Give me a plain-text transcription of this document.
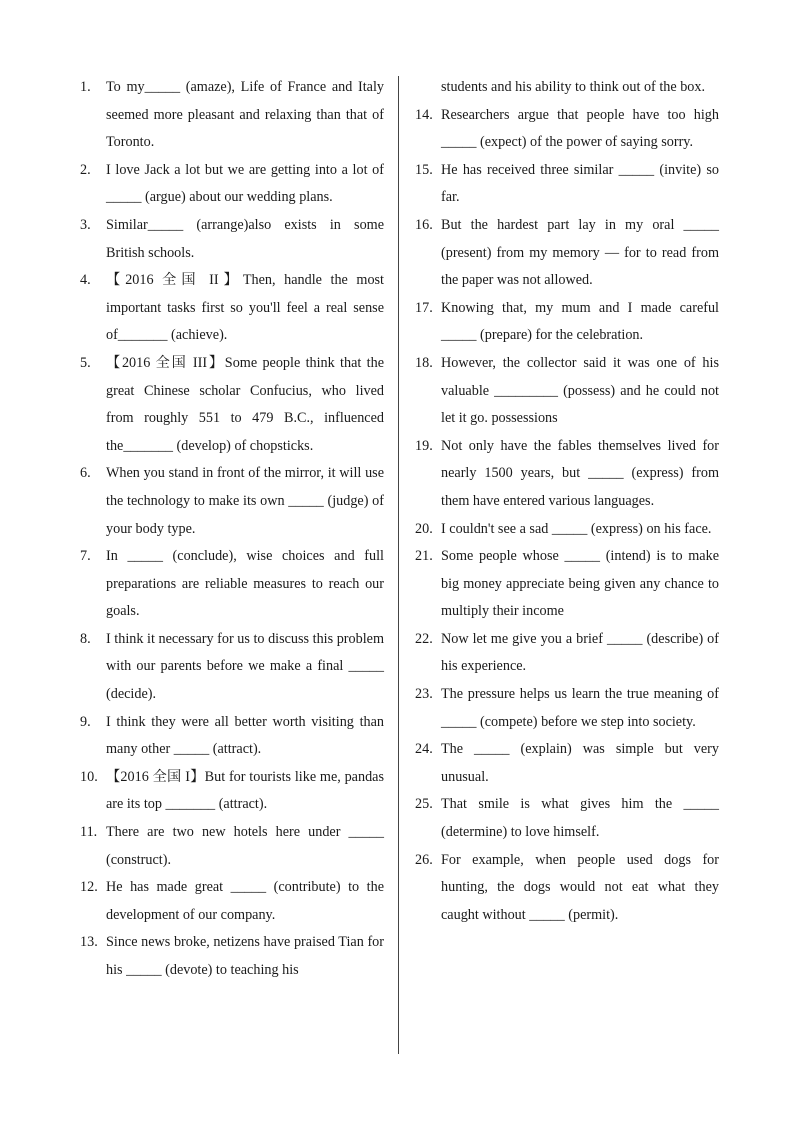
1.	To my_____ (amaze), Life of France and Italy seemed more pleasant and relaxing than that of Toronto.
2.	I love Jack a lot but we are getting into a lot of _____ (argue) about our wedding plans.
3.	Similar_____ (arrange)also exists in some British schools.
4.	【2016 全国 II】Then, handle the most important tasks first so you'll feel a real sense of_______ (achieve).
5.	【2016 全国 III】Some people think that the great Chinese scholar Confucius, who lived from roughly 551 to 479 B.C., influenced the_______ (develop) of chopsticks.
6.	When you stand in front of the mirror, it will use the technology to make its own _____ (judge) of your body type.
7.	In _____ (conclude), wise choices and full preparations are reliable measures to reach our goals.
8.	I think it necessary for us to discuss this problem with our parents before we make a final _____ (decide).
9.	I think they were all better worth visiting than many other _____ (attract).
10. 【2016 全国 I】But for tourists like me, pandas are its top _______ (attract).
11. There are two new hotels here under _____ (construct).
12. He has made great _____ (contribute) to the development of our company.
13. Since news broke, netizens have praised Tian for his _____ (devote) to teaching his
students and his ability to think out of the box.
14. Researchers argue that people have too high _____ (expect) of the power of saying sorry.
15. He has received three similar _____ (invite) so far.
16. But the hardest part lay in my oral _____ (present) from my memory — for to read from the paper was not allowed.
17. Knowing that, my mum and I made careful _____ (prepare) for the celebration.
18. However, the collector said it was one of his valuable _________ (possess) and he could not let it go. possessions
19. Not only have the fables themselves lived for nearly 1500 years, but _____ (express) from them have entered various languages.
20. I couldn't see a sad _____ (express) on his face.
21. Some people whose _____ (intend) is to make big money appreciate being given any chance to multiply their income
22. Now let me give you a brief _____ (describe) of his experience.
23. The pressure helps us learn the true meaning of _____ (compete) before we step into society.
24. The _____ (explain) was simple but very unusual.
25. That smile is what gives him the _____ (determine) to love himself.
26. For example, when people used dogs for hunting, the dogs would not eat what they caught without _____ (permit).
